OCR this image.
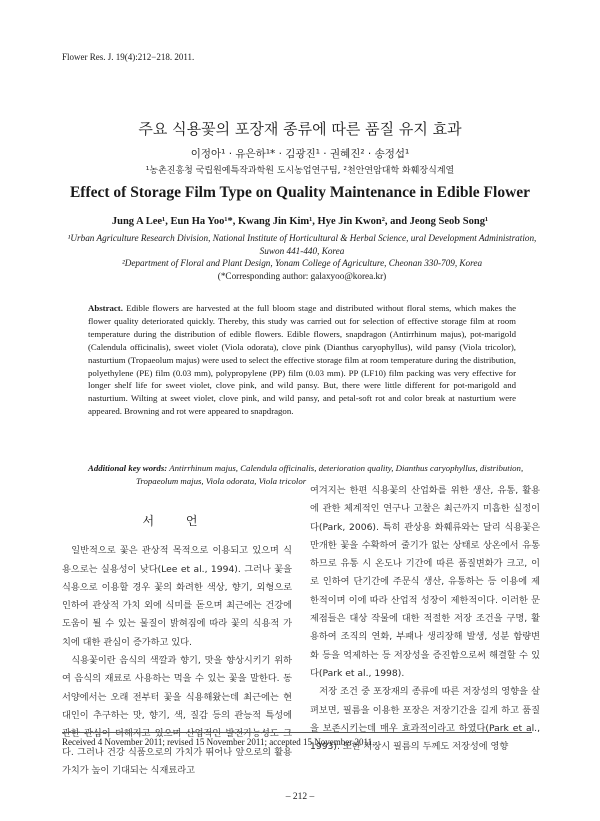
Flower Res. J. 19(4):212−218. 2011.
주요 식용꽃의 포장재 종류에 따른 품질 유지 효과
이정아¹ · 유은하¹* · 김광진¹ · 권혜진² · 송정섭¹
¹농촌진흥청 국립원예특작과학원 도시농업연구팀, ²천안연암대학 화훼장식계열
Effect of Storage Film Type on Quality Maintenance in Edible Flower
Jung A Lee¹, Eun Ha Yoo¹*, Kwang Jin Kim¹, Hye Jin Kwon², and Jeong Seob Song¹

¹Urban Agriculture Research Division, National Institute of Horticultural & Herbal Science, ural Development Administration, Suwon 441-440, Korea

²Department of Floral and Plant Design, Yonam College of Agriculture, Cheonan 330-709, Korea

(*Corresponding author: galaxyoo@korea.kr)

Abstract. Edible flowers are harvested at the full bloom stage and distributed without floral stems, which makes the flower quality deteriorated quickly. Thereby, this study was carried out for selection of effective storage film at room temperature during the distribution of edible flowers. Edible flowers, snapdragon (Antirrhinum majus), pot-marigold (Calendula officinalis), sweet violet (Viola odorata), clove pink (Dianthus caryophyllus), wild pansy (Viola tricolor), nasturtium (Tropaeolum majus) were used to select the effective storage film at room temperature during the distribution, polyethylene (PE) film (0.03 mm), polypropylene (PP) film (0.03 mm). PP (LF10) film packing was very effective for longer shelf life for sweet violet, clove pink, and wild pansy. But, there were little different for pot-marigold and nasturtium. Wilting at sweet violet, clove pink, and wild pansy, and petal-soft rot and color break at nasturtium were appeared. Browning and rot were appeared to snapdragon.

Additional key words: Antirrhinum majus, Calendula officinalis, deterioration quality, Dianthus caryophyllus, distribution, Tropaeolum majus, Viola odorata, Viola tricolor

서 언

일반적으로 꽃은 관상적 목적으로 이용되고 있으며 식용으로는 실용성이 낮다(Lee et al., 1994). 그러나 꽃을 식용으로 이용할 경우 꽃의 화려한 색상, 향기, 외형으로 인하여 관상적 가치 외에 식미를 돋으며 최근에는 건강에 도움이 될 수 있는 물질이 밝혀짐에 따라 꽃의 식용적 가치에 대한 관심이 증가하고 있다.

식용꽃이란 음식의 색깔과 향기, 맛을 향상시키기 위하여 음식의 재료로 사용하는 먹을 수 있는 꽃을 말한다. 동서양에서는 오래 전부터 꽃을 식용해왔는데 최근에는 현대인이 추구하는 맛, 향기, 색, 질감 등의 관능적 특성에 관한 관심이 더해지고 있으며 산업적인 발전가능성도 크다. 그러나 건강 식품으로의 가치가 뛰어나 앞으로의 활용가치가 높이 기대되는 식재료라고

여겨지는 한편 식용꽃의 산업화를 위한 생산, 유통, 활용에 관한 체계적인 연구나 고찰은 최근까지 미흡한 실정이다(Park, 2006). 특히 관상용 화훼류와는 달리 식용꽃은 만개한 꽃을 수확하여 줄기가 없는 상태로 상온에서 유통하므로 유통 시 온도나 기간에 따른 품질변화가 크고, 이로 인하여 단기간에 주문식 생산, 유통하는 등 이용에 제한적이며 이에 따라 산업적 성장이 제한적이다. 이러한 문제점들은 대상 작물에 대한 적절한 저장 조건을 구명, 활용하여 조직의 연화, 부패나 생리장해 발생, 성분 함량변화 등을 억제하는 등 저장성을 증진함으로써 해결할 수 있다(Park et al., 1998).

저장 조건 중 포장재의 종류에 따른 저장성의 영향을 살펴보면, 필름을 이용한 포장은 저장기간을 길게 하고 품질을 보존시키는데 매우 효과적이라고 하였다(Park et al., 1993). 또한 저장시 필름의 두께도 저장성에 영향

Received 4 November 2011; revised 15 November 2011; accepted 15 November 2011.
– 212 –
